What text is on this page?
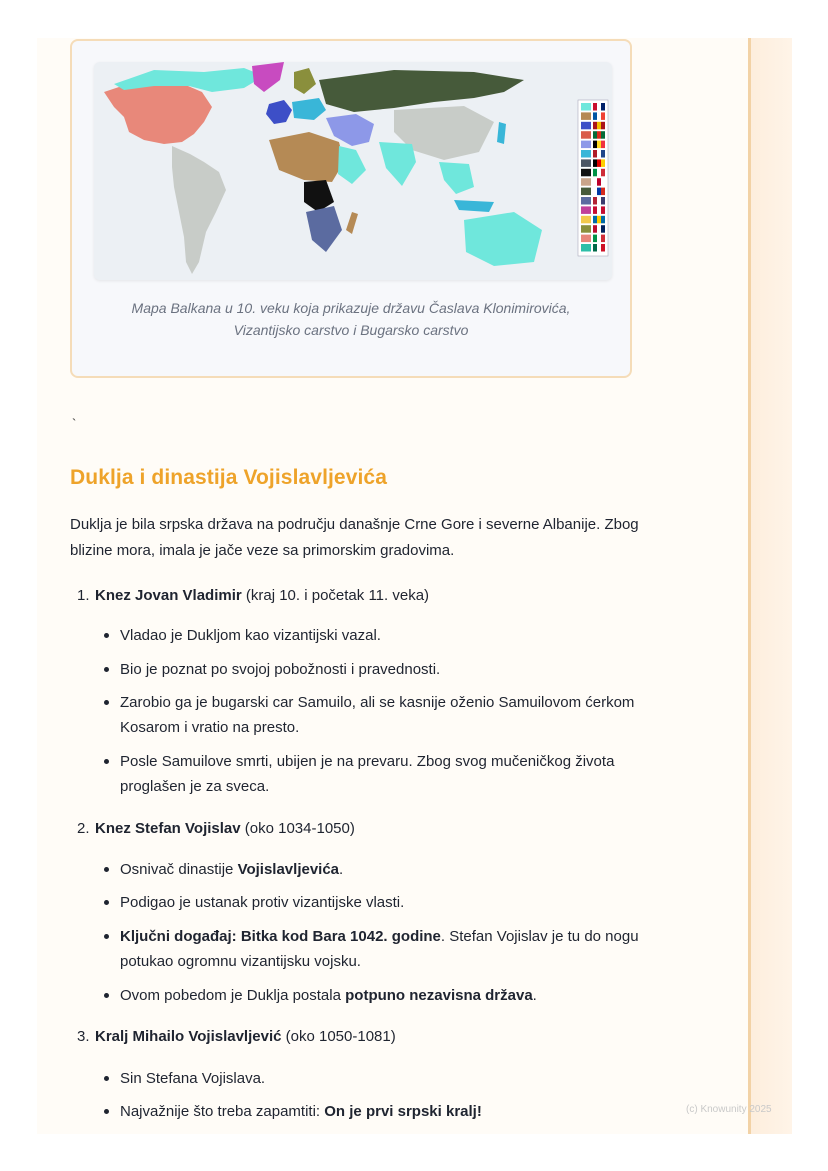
Mapa Balkana u 10. veku koja prikazuje državu Časlava Klonimirovića,
Vizantijsko carstvo i Bugarsko carstvo
`
Duklja i dinastija Vojislavljevića

Duklja je bila srpska država na području današnje Crne Gore i severne Albanije. Zbog blizine mora, imala je jače veze sa primorskim gradovima.

1. Knez Jovan Vladimir (kraj 10. i početak 11. veka)
Vladao je Dukljom kao vizantijski vazal.
Bio je poznat po svojoj pobožnosti i pravednosti.
Zarobio ga je bugarski car Samuilo, ali se kasnije oženio Samuilovom ćerkom Kosarom i vratio na presto.
Posle Samuilove smrti, ubijen je na prevaru. Zbog svog mučeničkog života proglašen je za sveca.
2. Knez Stefan Vojislav (oko 1034-1050)
Osnivač dinastije Vojislavljevića.
Podigao je ustanak protiv vizantijske vlasti.
Ključni događaj: Bitka kod Bara 1042. godine. Stefan Vojislav je tu do nogu potukao ogromnu vizantijsku vojsku.
Ovom pobedom je Duklja postala potpuno nezavisna država.
3. Kralj Mihailo Vojislavljević (oko 1050-1081)
Sin Stefana Vojislava.
Najvažnije što treba zapamtiti: On je prvi srpski kralj!	(c) Knowunity 2025
